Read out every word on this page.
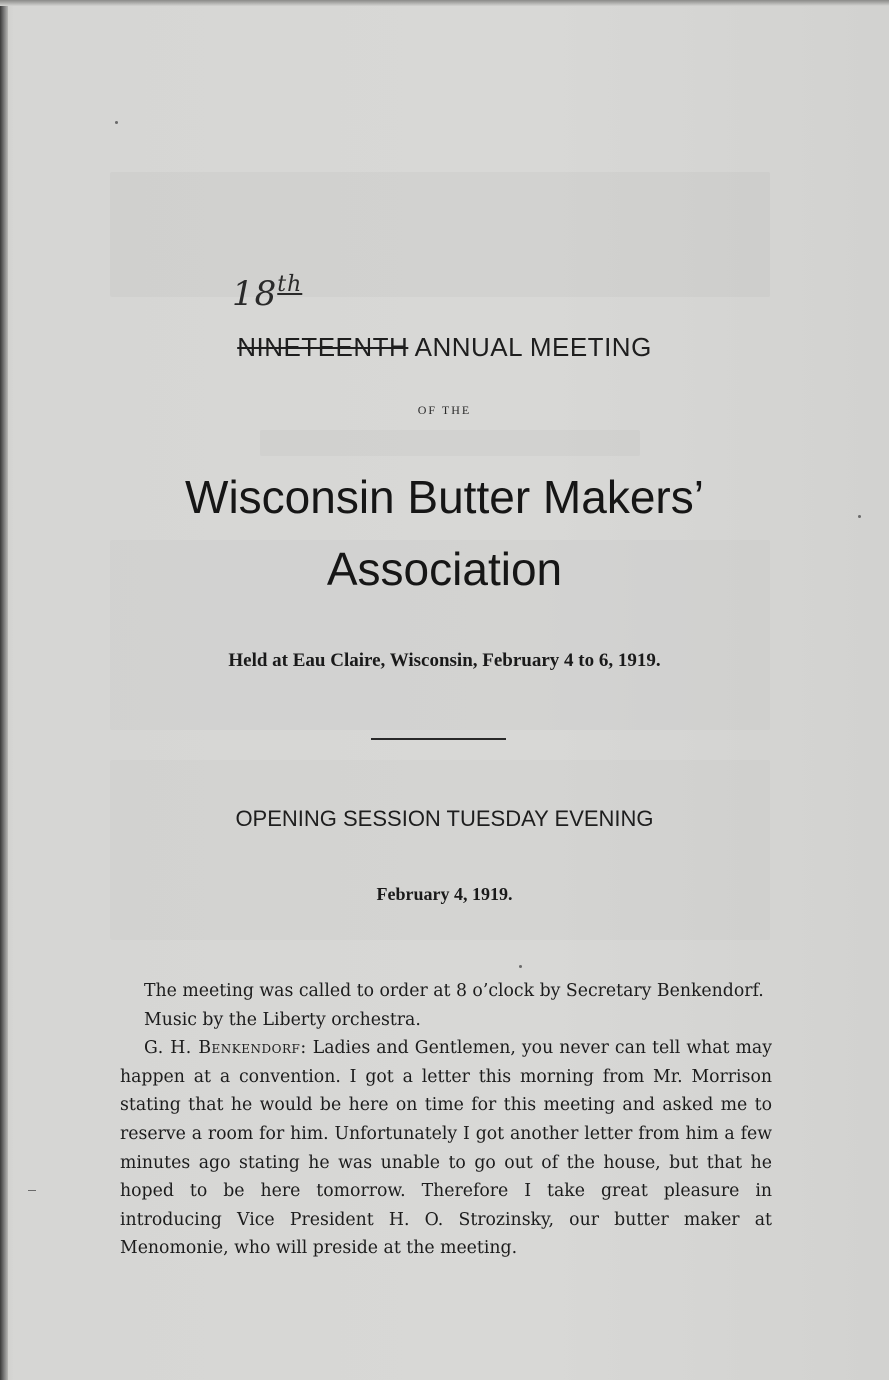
18th
NINETEENTH ANNUAL MEETING
OF THE
Wisconsin Butter Makers’
Association
Held at Eau Claire, Wisconsin, February 4 to 6, 1919.
OPENING SESSION TUESDAY EVENING
February 4, 1919.

The meeting was called to order at 8 o’clock by Secretary Benkendorf.

Music by the Liberty orchestra.

G. H. Benkendorf: Ladies and Gentlemen, you never can tell what may happen at a convention. I got a letter this morning from Mr. Morrison stating that he would be here on time for this meeting and asked me to reserve a room for him. Unfortunately I got another letter from him a few minutes ago stating he was unable to go out of the house, but that he hoped to be here tomorrow. Therefore I take great pleasure in introducing Vice President H. O. Strozinsky, our butter maker at Menomonie, who will preside at the meeting.
